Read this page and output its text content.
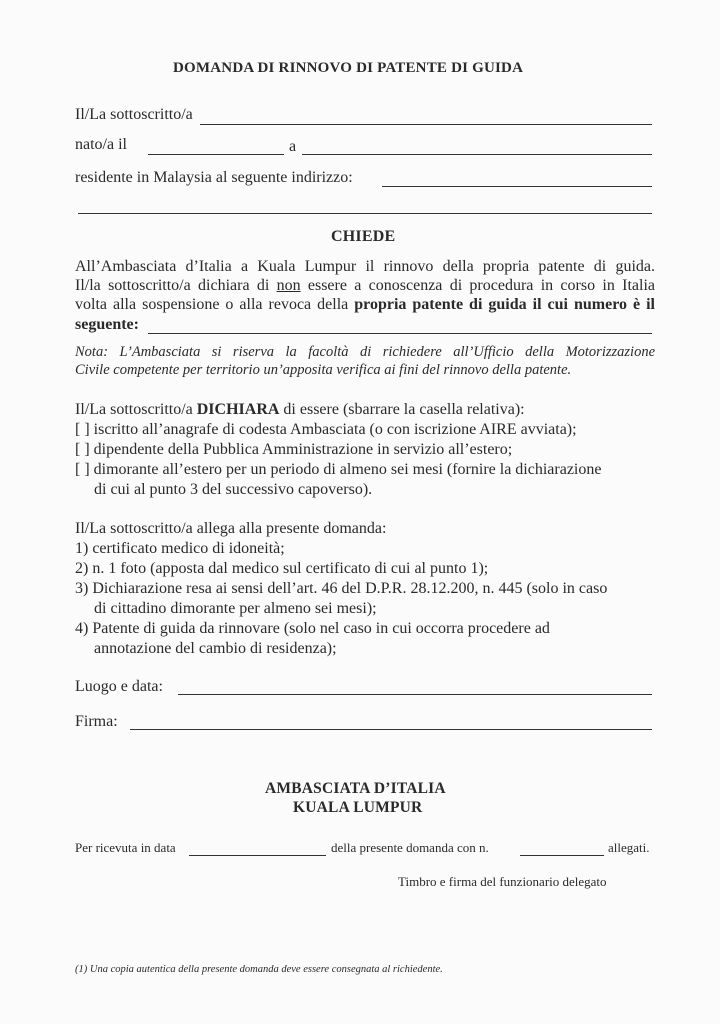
DOMANDA DI RINNOVO DI PATENTE DI GUIDA
Il/La sottoscritto/a
nato/a il	a
residente in Malaysia al seguente indirizzo:
CHIEDE
All’Ambasciata d’Italia a Kuala Lumpur il rinnovo della propria patente di guida.
Il/la sottoscritto/a dichiara di non essere a conoscenza di procedura in corso in Italia
volta alla sospensione o alla revoca della propria patente di guida il cui numero è il
seguente:
Nota: L’Ambasciata si riserva la facoltà di richiedere all’Ufficio della Motorizzazione
Civile competente per territorio un’apposita verifica ai fini del rinnovo della patente.
Il/La sottoscritto/a DICHIARA di essere (sbarrare la casella relativa):
[ ] iscritto all’anagrafe di codesta Ambasciata (o con iscrizione AIRE avviata);
[ ] dipendente della Pubblica Amministrazione in servizio all’estero;
[ ] dimorante all’estero per un periodo di almeno sei mesi (fornire la dichiarazione
di cui al punto 3 del successivo capoverso).
Il/La sottoscritto/a allega alla presente domanda:
1) certificato medico di idoneità;
2) n. 1 foto (apposta dal medico sul certificato di cui al punto 1);
3) Dichiarazione resa ai sensi dell’art. 46 del D.P.R. 28.12.200, n. 445 (solo in caso
di cittadino dimorante per almeno sei mesi);
4) Patente di guida da rinnovare (solo nel caso in cui occorra procedere ad
annotazione del cambio di residenza);
Luogo e data:
Firma:
AMBASCIATA D’ITALIA
KUALA LUMPUR
Per ricevuta in data	della presente domanda con n.	allegati.
Timbro e firma del funzionario delegato
(1) Una copia autentica della presente domanda deve essere consegnata al richiedente.
